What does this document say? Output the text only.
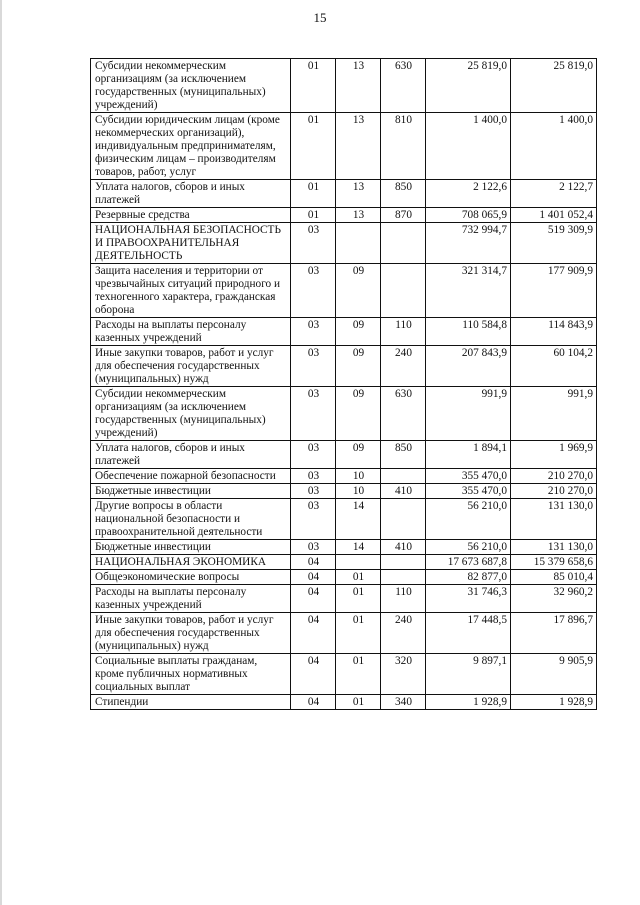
15
Субсидии некоммерческим организациям (за исключением государственных (муниципальных) учреждений)	01	13	630	25 819,0	25 819,0
Субсидии юридическим лицам (кроме некоммерческих организаций), индивидуальным предпринимателям, физическим лицам – производителям товаров, работ, услуг	01	13	810	1 400,0	1 400,0
Уплата налогов, сборов и иных платежей	01	13	850	2 122,6	2 122,7
Резервные средства	01	13	870	708 065,9	1 401 052,4
НАЦИОНАЛЬНАЯ БЕЗОПАСНОСТЬ И ПРАВООХРАНИТЕЛЬНАЯ ДЕЯТЕЛЬНОСТЬ	03			732 994,7	519 309,9
Защита населения и территории от чрезвычайных ситуаций природного и техногенного характера, гражданская оборона	03	09		321 314,7	177 909,9
Расходы на выплаты персоналу казенных учреждений	03	09	110	110 584,8	114 843,9
Иные закупки товаров, работ и услуг для обеспечения государственных (муниципальных) нужд	03	09	240	207 843,9	60 104,2
Субсидии некоммерческим организациям (за исключением государственных (муниципальных) учреждений)	03	09	630	991,9	991,9
Уплата налогов, сборов и иных платежей	03	09	850	1 894,1	1 969,9
Обеспечение пожарной безопасности	03	10		355 470,0	210 270,0
Бюджетные инвестиции	03	10	410	355 470,0	210 270,0
Другие вопросы в области национальной безопасности и правоохранительной деятельности	03	14		56 210,0	131 130,0
Бюджетные инвестиции	03	14	410	56 210,0	131 130,0
НАЦИОНАЛЬНАЯ ЭКОНОМИКА	04			17 673 687,8	15 379 658,6
Общеэкономические вопросы	04	01		82 877,0	85 010,4
Расходы на выплаты персоналу казенных учреждений	04	01	110	31 746,3	32 960,2
Иные закупки товаров, работ и услуг для обеспечения государственных (муниципальных) нужд	04	01	240	17 448,5	17 896,7
Социальные выплаты гражданам, кроме публичных нормативных социальных выплат	04	01	320	9 897,1	9 905,9
Стипендии	04	01	340	1 928,9	1 928,9
